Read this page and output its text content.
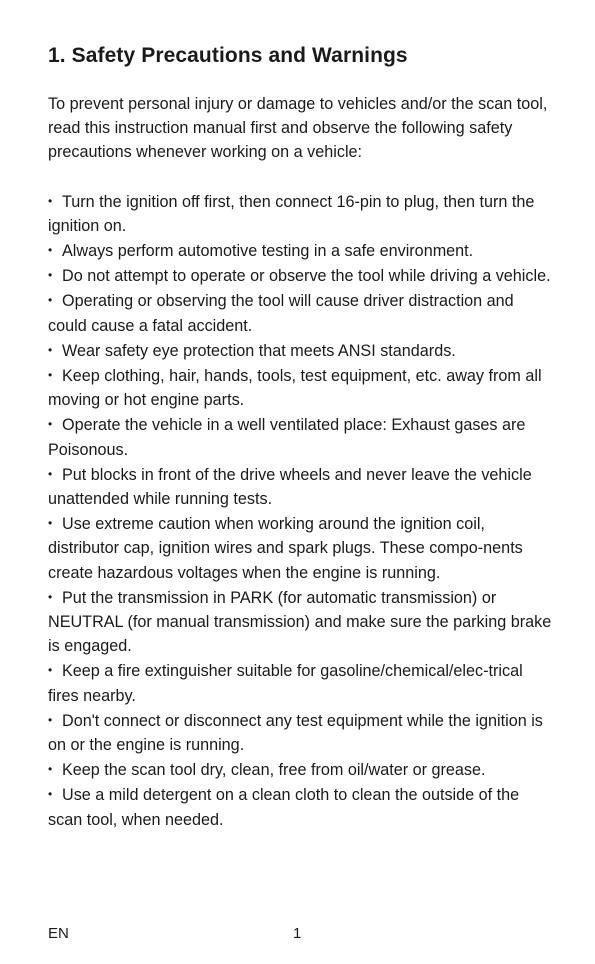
1. Safety Precautions and Warnings

To prevent personal injury or damage to vehicles and/or the scan tool, read this instruction manual first and observe the following safety precautions whenever working on a vehicle:

• Turn the ignition off first, then connect 16-pin to plug, then turn the ignition on.
• Always perform automotive testing in a safe environment.
• Do not attempt to operate or observe the tool while driving a vehicle.
• Operating or observing the tool will cause driver distraction and could cause a fatal accident.
• Wear safety eye protection that meets ANSI standards.
• Keep clothing, hair, hands, tools, test equipment, etc. away from all moving or hot engine parts.
• Operate the vehicle in a well ventilated place: Exhaust gases are Poisonous.
• Put blocks in front of the drive wheels and never leave the vehicle unattended while running tests.
• Use extreme caution when working around the ignition coil, distributor cap, ignition wires and spark plugs. These compo-nents create hazardous voltages when the engine is running.
• Put the transmission in PARK (for automatic transmission) or NEUTRAL (for manual transmission) and make sure the parking brake is engaged.
• Keep a fire extinguisher suitable for gasoline/chemical/elec-trical fires nearby.
• Don't connect or disconnect any test equipment while the ignition is on or the engine is running.
• Keep the scan tool dry, clean, free from oil/water or grease.
• Use a mild detergent on a clean cloth to clean the outside of the scan tool, when needed.
EN	1
